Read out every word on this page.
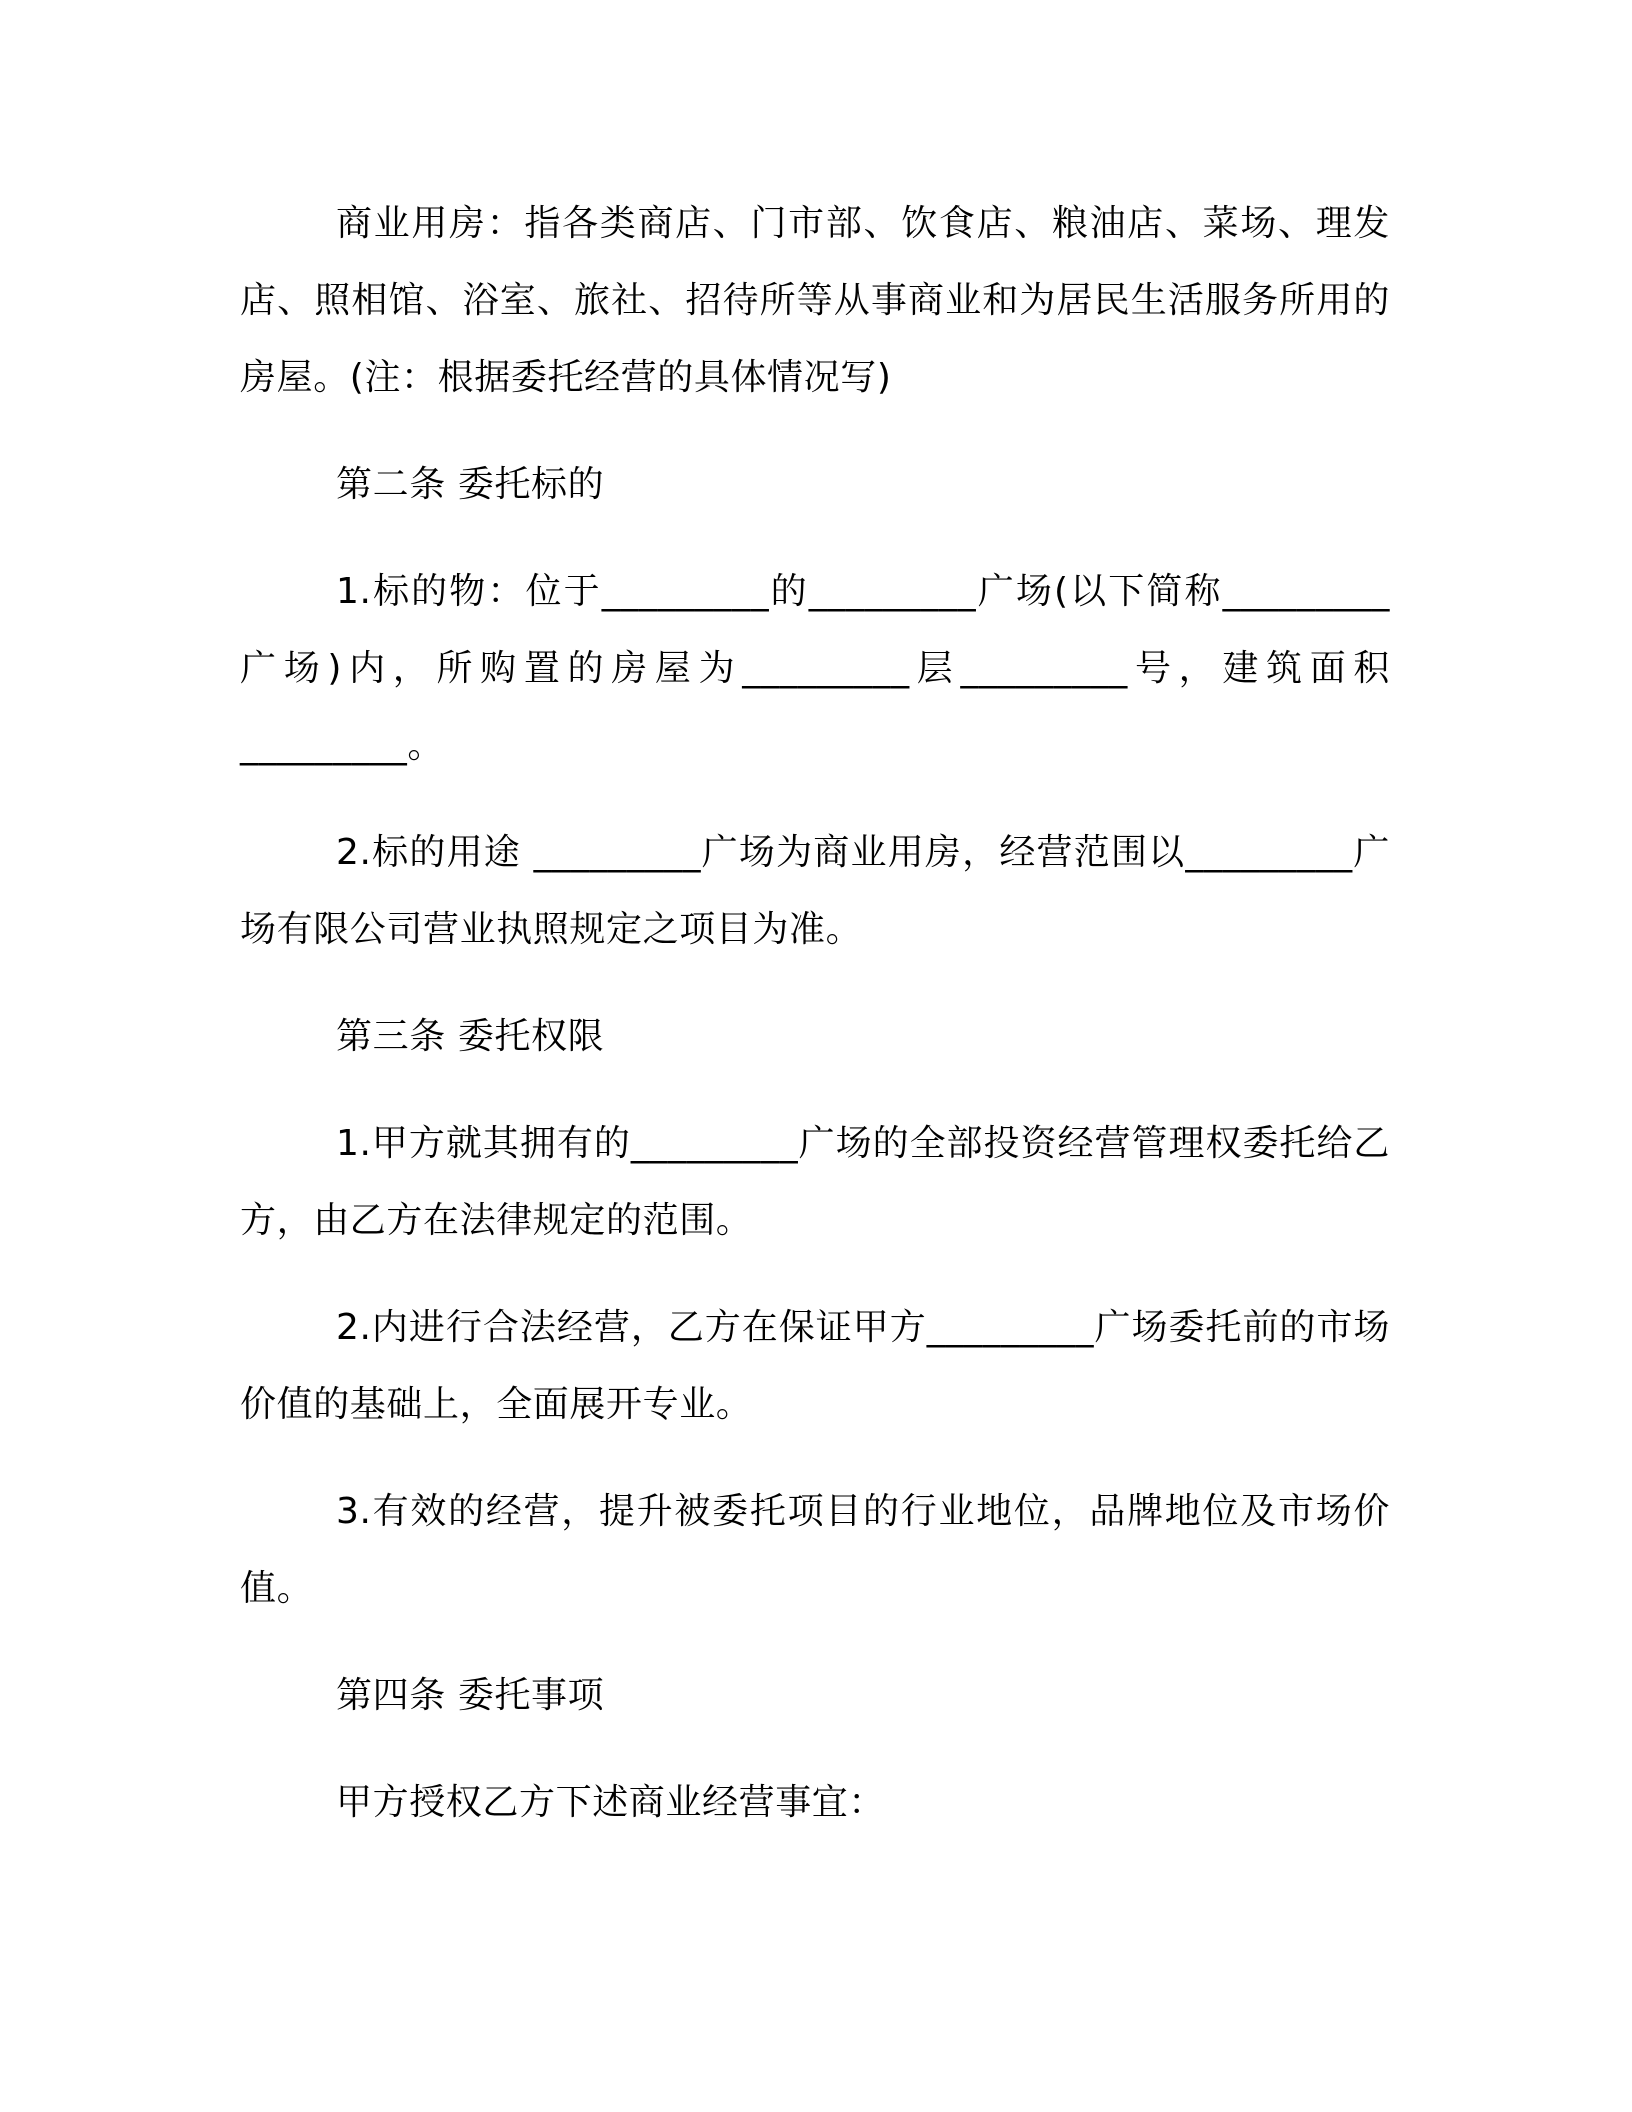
商业用房：指各类商店、门市部、饮食店、粮油店、菜场、理发店、照相馆、浴室、旅社、招待所等从事商业和为居民生活服务所用的房屋。(注：根据委托经营的具体情况写)

第二条 委托标的

1.标的物：位于_________的_________广场(以下简称_________广场)内，所购置的房屋为_________层_________号，建筑面积_________。

2.标的用途 _________广场为商业用房，经营范围以_________广场有限公司营业执照规定之项目为准。

第三条 委托权限

1.甲方就其拥有的_________广场的全部投资经营管理权委托给乙方，由乙方在法律规定的范围。

2.内进行合法经营，乙方在保证甲方_________广场委托前的市场价值的基础上，全面展开专业。

3.有效的经营，提升被委托项目的行业地位，品牌地位及市场价值。

第四条 委托事项

甲方授权乙方下述商业经营事宜：
